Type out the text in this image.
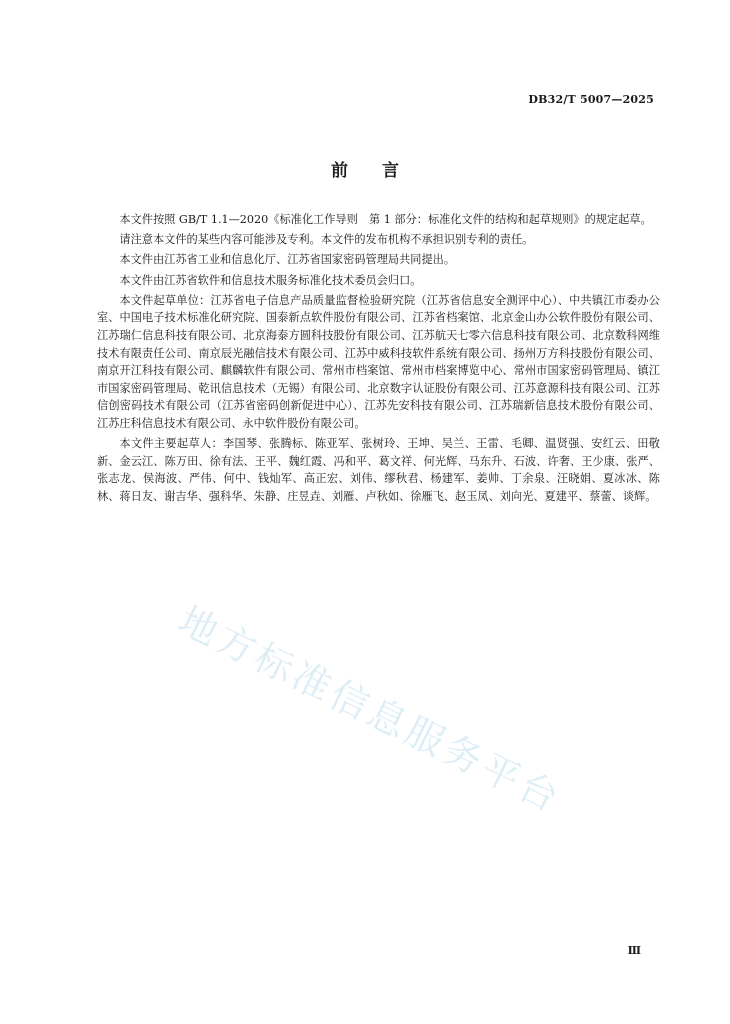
DB32/T 5007—2025
前 言

本文件按照 GB/T 1.1—2020《标准化工作导则　第 1 部分：标准化文件的结构和起草规则》的规定起草。

请注意本文件的某些内容可能涉及专利。本文件的发布机构不承担识别专利的责任。

本文件由江苏省工业和信息化厅、江苏省国家密码管理局共同提出。

本文件由江苏省软件和信息技术服务标准化技术委员会归口。

本文件起草单位：江苏省电子信息产品质量监督检验研究院（江苏省信息安全测评中心）、中共镇江市委办公室、中国电子技术标准化研究院、国泰新点软件股份有限公司、江苏省档案馆、北京金山办公软件股份有限公司、江苏瑞仁信息科技有限公司、北京海泰方圆科技股份有限公司、江苏航天七零六信息科技有限公司、北京数科网维技术有限责任公司、南京辰光融信技术有限公司、江苏中威科技软件系统有限公司、扬州万方科技股份有限公司、南京开江科技有限公司、麒麟软件有限公司、常州市档案馆、常州市档案博览中心、常州市国家密码管理局、镇江市国家密码管理局、乾讯信息技术（无锡）有限公司、北京数字认证股份有限公司、江苏意源科技有限公司、江苏信创密码技术有限公司（江苏省密码创新促进中心）、江苏先安科技有限公司、江苏瑞新信息技术股份有限公司、江苏庄科信息技术有限公司、永中软件股份有限公司。

本文件主要起草人：李国琴、张腾标、陈亚军、张树玲、王坤、吴兰、王雷、毛卿、温贤强、安红云、田敬新、金云江、陈万田、徐有法、王平、魏红霞、冯和平、葛文祥、何光辉、马东升、石波、许奢、王少康、张严、张志龙、侯海波、严伟、何中、钱灿军、高正宏、刘伟、缪秋君、杨建军、姜帅、丁余泉、汪晓娟、夏冰冰、陈林、蒋日友、谢吉华、强科华、朱静、庄昱垚、刘雁、卢秋如、徐雁飞、赵玉凤、刘向光、夏建平、蔡蕾、谈辉。

地方标准信息服务平台
Ⅲ
